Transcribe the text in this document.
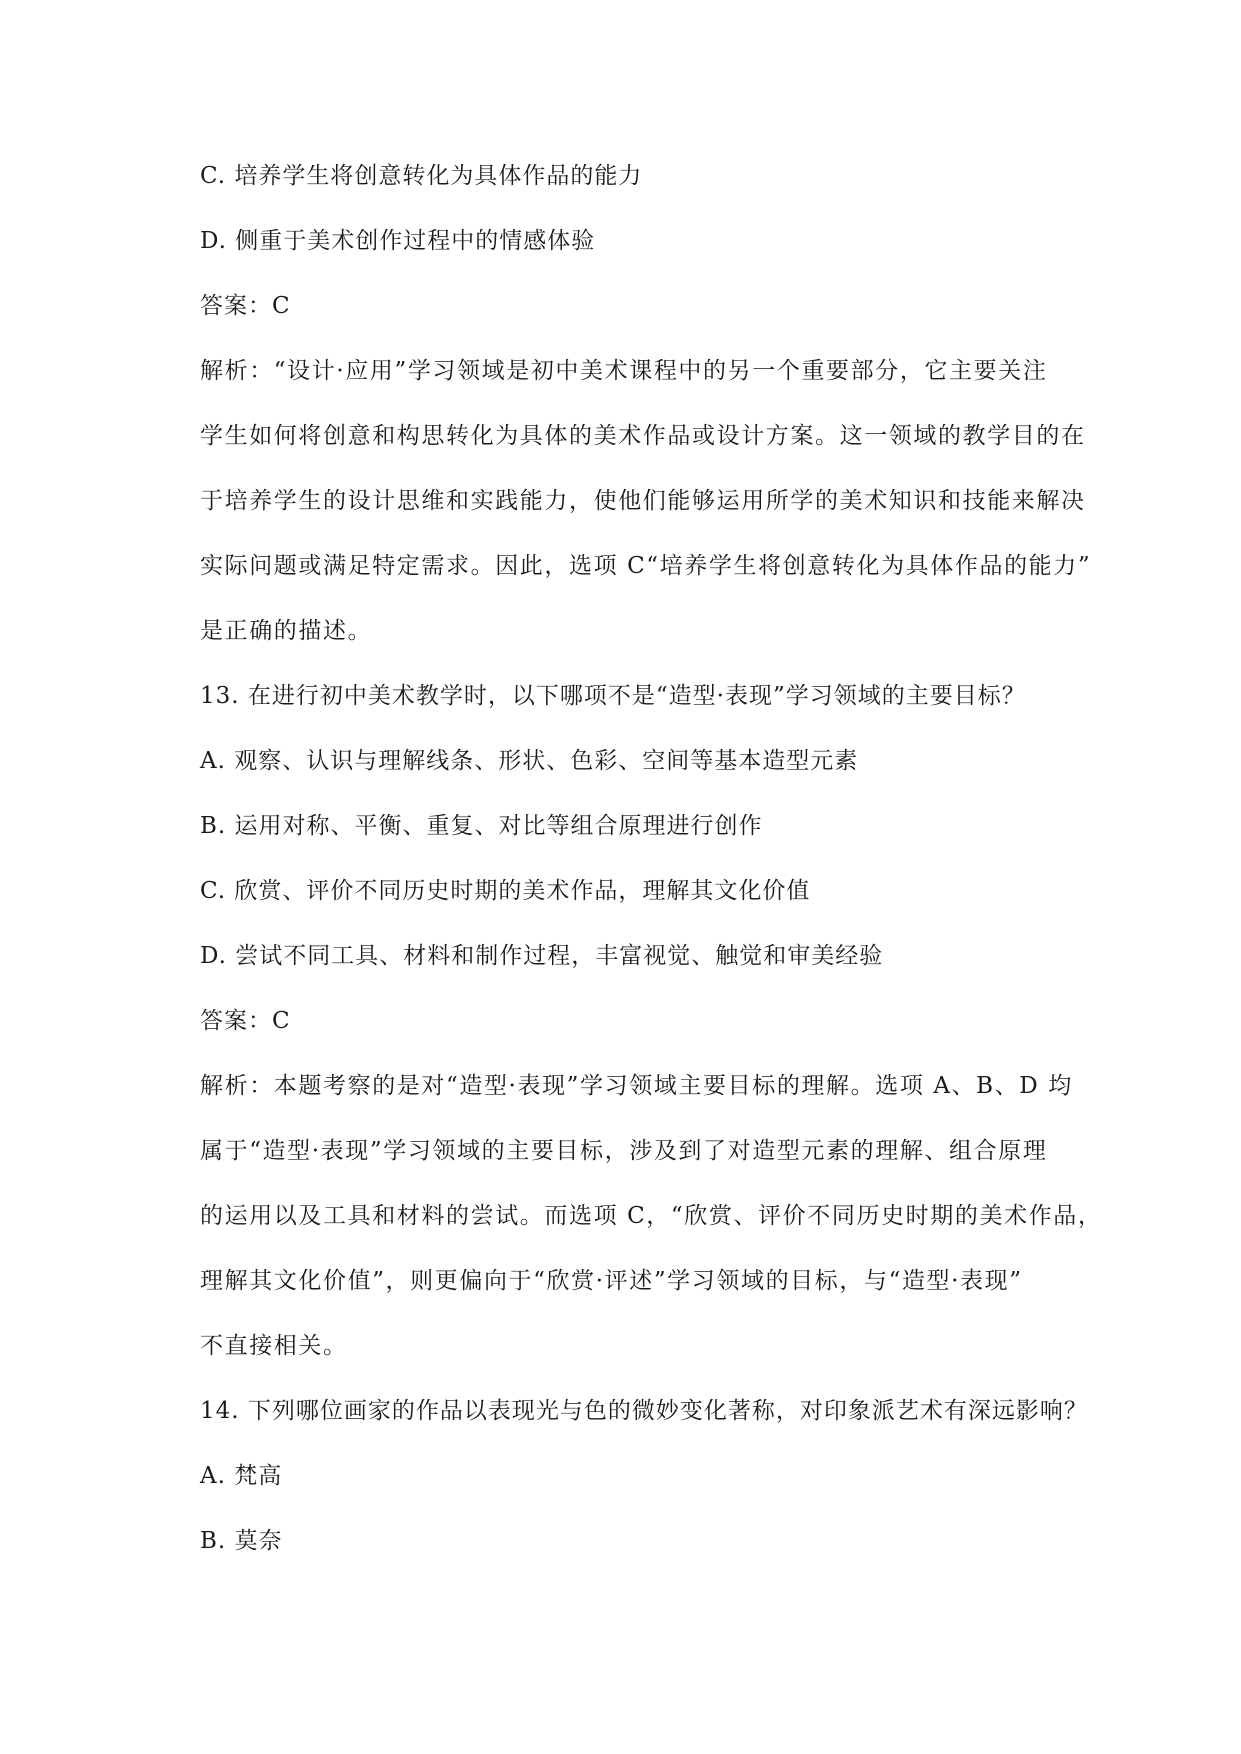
C. 培养学生将创意转化为具体作品的能力
D. 侧重于美术创作过程中的情感体验
答案：C
解析：“设计·应用”学习领域是初中美术课程中的另一个重要部分，它主要关注
学生如何将创意和构思转化为具体的美术作品或设计方案。这一领域的教学目的在
于培养学生的设计思维和实践能力，使他们能够运用所学的美术知识和技能来解决
实际问题或满足特定需求。因此，选项 C“培养学生将创意转化为具体作品的能力”
是正确的描述。
13. 在进行初中美术教学时，以下哪项不是“造型·表现”学习领域的主要目标？
A. 观察、认识与理解线条、形状、色彩、空间等基本造型元素
B. 运用对称、平衡、重复、对比等组合原理进行创作
C. 欣赏、评价不同历史时期的美术作品，理解其文化价值
D. 尝试不同工具、材料和制作过程，丰富视觉、触觉和审美经验
答案：C
解析：本题考察的是对“造型·表现”学习领域主要目标的理解。选项 A、B、D 均
属于“造型·表现”学习领域的主要目标，涉及到了对造型元素的理解、组合原理
的运用以及工具和材料的尝试。而选项 C，“欣赏、评价不同历史时期的美术作品，
理解其文化价值”，则更偏向于“欣赏·评述”学习领域的目标，与“造型·表现”
不直接相关。
14. 下列哪位画家的作品以表现光与色的微妙变化著称，对印象派艺术有深远影响？
A. 梵高
B. 莫奈
